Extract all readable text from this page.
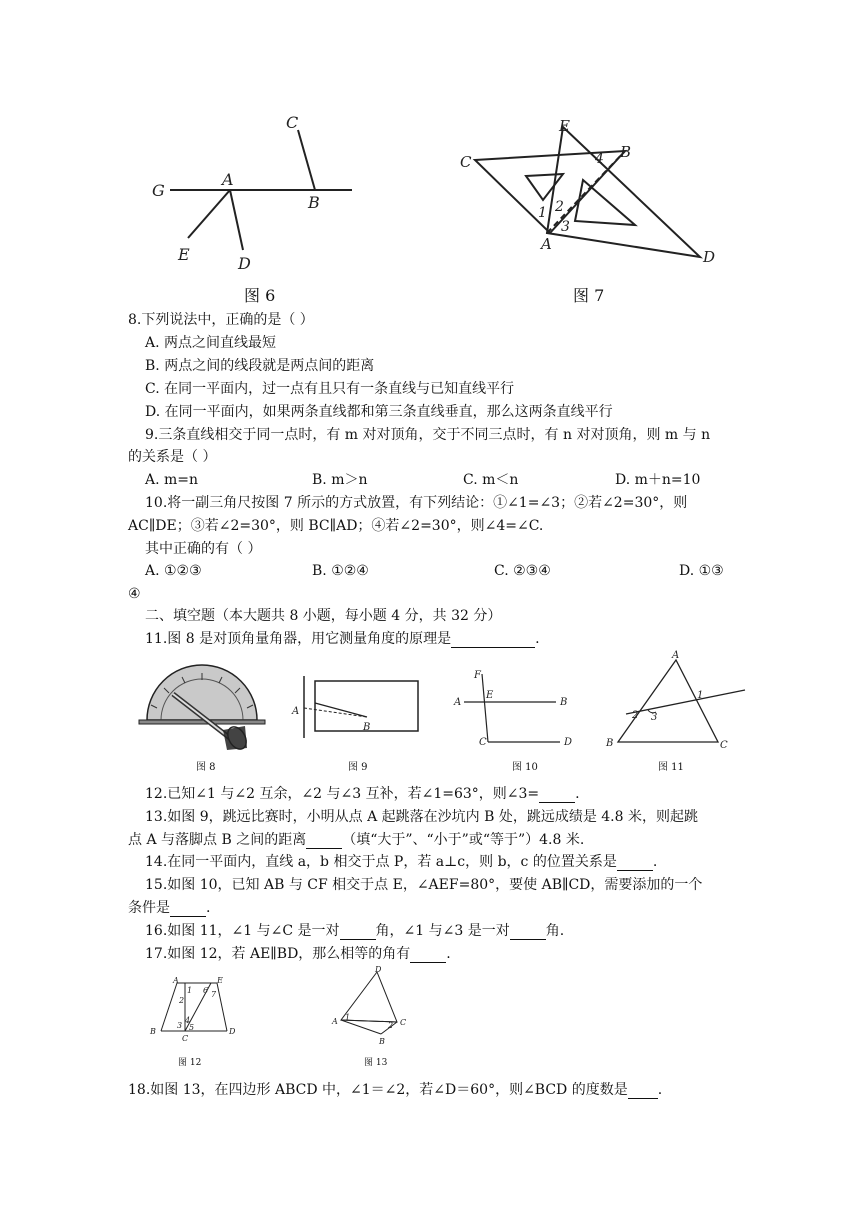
C
G
A
B
E	D
图 6
E
B
C
A
D
1 2
3
4
图 7
8.下列说法中，正确的是（ ）
A. 两点之间直线最短
B. 两点之间的线段就是两点间的距离
C. 在同一平面内，过一点有且只有一条直线与已知直线平行
D. 在同一平面内，如果两条直线都和第三条直线垂直，那么这两条直线平行
9.三条直线相交于同一点时，有 m 对对顶角，交于不同三点时，有 n 对对顶角，则 m 与 n
的关系是（ ）
A. m=n	B. m＞n	C. m＜n	D. m＋n=10
10.将一副三角尺按图 7 所示的方式放置，有下列结论：①∠1=∠3；②若∠2=30°，则
AC∥DE；③若∠2=30°，则 BC∥AD；④若∠2=30°，则∠4=∠C.
其中正确的有（ ）
A. ①②③	B. ①②④	C. ②③④	D. ①③
④
二、填空题（本大题共 8 小题，每小题 4 分，共 32 分）
11.图 8 是对顶角量角器，用它测量角度的原理是	.
图 8
A
B
图 9
F
A
E
B
C	D
图 10
A
B	C
1
2 3
图 11
12.已知∠1 与∠2 互余，∠2 与∠3 互补，若∠1=63°，则∠3=	.
13.如图 9，跳远比赛时，小明从点 A 起跳落在沙坑内 B 处，跳远成绩是 4.8 米，则起跳
点 A 与落脚点 B 之间的距离	（填“大于”、“小于”或“等于”）4.8 米.
14.在同一平面内，直线 a，b 相交于点 P，若 a⊥c，则 b，c 的位置关系是	.
15.如图 10，已知 AB 与 CF 相交于点 E，∠AEF=80°，要使 AB∥CD，需要添加的一个
条件是	.
16.如图 11，∠1 与∠C 是一对	角，∠1 与∠3 是一对	角.
17.如图 12，若 AE∥BD，那么相等的角有	.
A	E
B
C
D
1
2
3
4
5
6 7
图 12
D
A	C
B
1
2
图 13
18.如图 13，在四边形 ABCD 中，∠1＝∠2，若∠D＝60°，则∠BCD 的度数是 .
